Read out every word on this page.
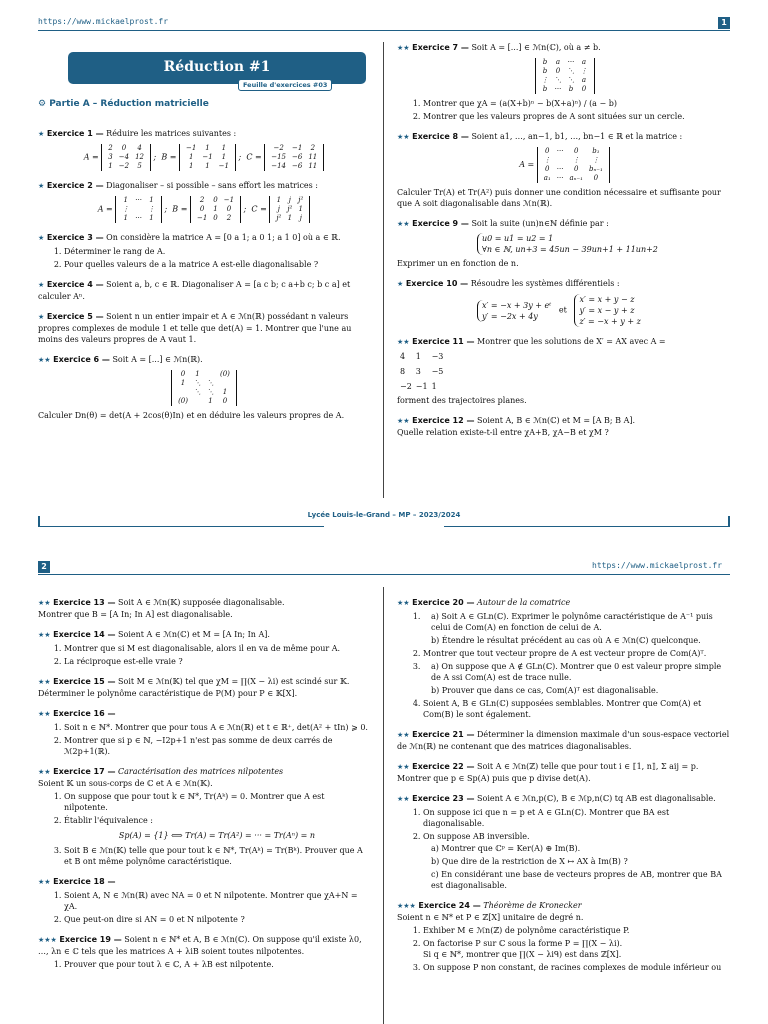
https://www.mickaelprost.fr	1
Réduction #1
Feuille d'exercices #03
⚙ Partie A – Réduction matricielle

★ Exercice 1 — Réduire les matrices suivantes :

A =
2	0	4
3	−4	12
1	−2	5
;  B =
−1	1	1
1	−1	1
1	1	−1
;  C =
−2	−1	2
−15	−6	11
−14	−6	11

★ Exercice 2 — Diagonaliser – si possible – sans effort les matrices :

A =
1	···	1
⋮		⋮
1	···	1
;  B =
2	0	−1
0	1	0
−1	0	2
;  C =
1	j	j²
j	j²	1
j²	1	j

★ Exercice 3 — On considère la matrice A = [0 a 1; a 0 1; a 1 0] où a ∈ ℝ.

1. Déterminer le rang de A.
2. Pour quelles valeurs de a la matrice A est-elle diagonalisable ?

★ Exercice 4 — Soient a, b, c ∈ ℝ. Diagonaliser A = [a c b; c a+b c; b c a] et calculer Aⁿ.

★ Exercice 5 — Soient n un entier impair et A ∈ ℳn(ℝ) possédant n valeurs propres complexes de module 1 et telle que det(A) = 1. Montrer que l'une au moins des valeurs propres de A vaut 1.

★★ Exercice 6 — Soit A = [...] ∈ ℳn(ℝ).

0	1		(0)
1	⋱	⋱	
	⋱	⋱	1
(0)		1	0

Calculer Dn(θ) = det(A + 2cos(θ)In) et en déduire les valeurs propres de A.

★★ Exercice 7 — Soit A = [...] ∈ ℳn(ℂ), où a ≠ b.

b	a	···	a
b	0	⋱	⋮
⋮	⋱	⋱	a
b	···	b	0
1. Montrer que χA = (a(X+b)ⁿ − b(X+a)ⁿ) / (a − b)
2. Montrer que les valeurs propres de A sont situées sur un cercle.

★★ Exercice 8 — Soient a1, …, an−1, b1, …, bn−1 ∈ ℝ et la matrice :

A =
0	···	0	b₁
⋮		⋮	⋮
0	···	0	bₙ₋₁
a₁	···	aₙ₋₁	0

Calculer Tr(A) et Tr(A²) puis donner une condition nécessaire et suffisante pour que A soit diagonalisable dans ℳn(ℝ).

★★ Exercice 9 — Soit la suite (un)n∈ℕ définie par :

u0 = u1 = u2 = 1
∀n ∈ ℕ, un+3 = 45un − 39un+1 + 11un+2

Exprimer un en fonction de n.

★ Exercice 10 — Résoudre les systèmes différentiels :

x′ = −x + 3y + eᵗ
y′ = −2x + 4y   et   x′ = x + y − z
y′ = x − y + z
z′ = −x + y + z

★★ Exercice 11 — Montrer que les solutions de X′ = AX avec A =

4	1	−3
8	3	−5
−2	−1	1

forment des trajectoires planes.

★★ Exercice 12 — Soient A, B ∈ ℳn(ℂ) et M = [A B; B A].

Quelle relation existe-t-il entre χA+B, χA−B et χM ?

Lycée Louis-le-Grand – MP – 2023/2024
2	https://www.mickaelprost.fr

★★ Exercice 13 — Soit A ∈ ℳn(𝕂) supposée diagonalisable.

Montrer que B = [A In; In A] est diagonalisable.

★★ Exercice 14 — Soient A ∈ ℳn(ℂ) et M = [A In; In A].

1. Montrer que si M est diagonalisable, alors il en va de même pour A.
2. La réciproque est-elle vraie ?

★★ Exercice 15 — Soit M ∈ ℳn(𝕂) tel que χM = ∏(X − λi) est scindé sur 𝕂.

Déterminer le polynôme caractéristique de P(M) pour P ∈ 𝕂[X].

★★ Exercice 16 —

1. Soit n ∈ ℕ*. Montrer que pour tous A ∈ ℳn(ℝ) et t ∈ ℝ⁺, det(A² + tIn) ⩾ 0.
2. Montrer que si p ∈ ℕ, −I2p+1 n'est pas somme de deux carrés de ℳ2p+1(ℝ).

★★ Exercice 17 — Caractérisation des matrices nilpotentes

Soient 𝕂 un sous-corps de ℂ et A ∈ ℳn(𝕂).

1. On suppose que pour tout k ∈ ℕ*, Tr(Aᵏ) = 0. Montrer que A est nilpotente.
2. Établir l'équivalence :
Sp(A) = {1} ⟺ Tr(A) = Tr(A²) = ··· = Tr(Aⁿ) = n
3. Soit B ∈ ℳn(𝕂) telle que pour tout k ∈ ℕ*, Tr(Aᵏ) = Tr(Bᵏ). Prouver que A et B ont même polynôme caractéristique.

★★ Exercice 18 —

1. Soient A, N ∈ ℳn(ℝ) avec NA = 0 et N nilpotente. Montrer que χA+N = χA.
2. Que peut-on dire si AN = 0 et N nilpotente ?

★★★ Exercice 19 — Soient n ∈ ℕ* et A, B ∈ ℳn(ℂ). On suppose qu'il existe λ0, …, λn ∈ ℂ tels que les matrices A + λiB soient toutes nilpotentes.

1. Prouver que pour tout λ ∈ ℂ, A + λB est nilpotente.

★★ Exercice 20 — Autour de la comatrice

1. a) Soit A ∈ GLn(ℂ). Exprimer le polynôme caractéristique de A⁻¹ puis celui de Com(A) en fonction de celui de A.
b) Étendre le résultat précédent au cas où A ∈ ℳn(ℂ) quelconque.
2. Montrer que tout vecteur propre de A est vecteur propre de Com(A)ᵀ.
3. a) On suppose que A ∉ GLn(ℂ). Montrer que 0 est valeur propre simple de A ssi Com(A) est de trace nulle.
b) Prouver que dans ce cas, Com(A)ᵀ est diagonalisable.
4. Soient A, B ∈ GLn(ℂ) supposées semblables. Montrer que Com(A) et Com(B) le sont également.

★★ Exercice 21 — Déterminer la dimension maximale d'un sous-espace vectoriel de ℳn(ℝ) ne contenant que des matrices diagonalisables.

★★ Exercice 22 — Soit A ∈ ℳn(ℤ) telle que pour tout i ∈ ⟦1, n⟧, Σ aij = p.

Montrer que p ∈ Sp(A) puis que p divise det(A).

★★ Exercice 23 — Soient A ∈ ℳn,p(ℂ), B ∈ ℳp,n(ℂ) tq AB est diagonalisable.

1. On suppose ici que n = p et A ∈ GLn(ℂ). Montrer que BA est diagonalisable.
2. On suppose AB inversible.
a) Montrer que ℂᵖ = Ker(A) ⊕ Im(B).
b) Que dire de la restriction de X ↦ AX à Im(B) ?
c) En considérant une base de vecteurs propres de AB, montrer que BA est diagonalisable.

★★★ Exercice 24 — Théorème de Kronecker

Soient n ∈ ℕ* et P ∈ ℤ[X] unitaire de degré n.

1. Exhiber M ∈ ℳn(ℤ) de polynôme caractéristique P.
2. On factorise P sur ℂ sous la forme P = ∏(X − λi).
Si q ∈ ℕ*, montrer que ∏(X − λiᑫ) est dans ℤ[X].
3. On suppose P non constant, de racines complexes de module inférieur ou
